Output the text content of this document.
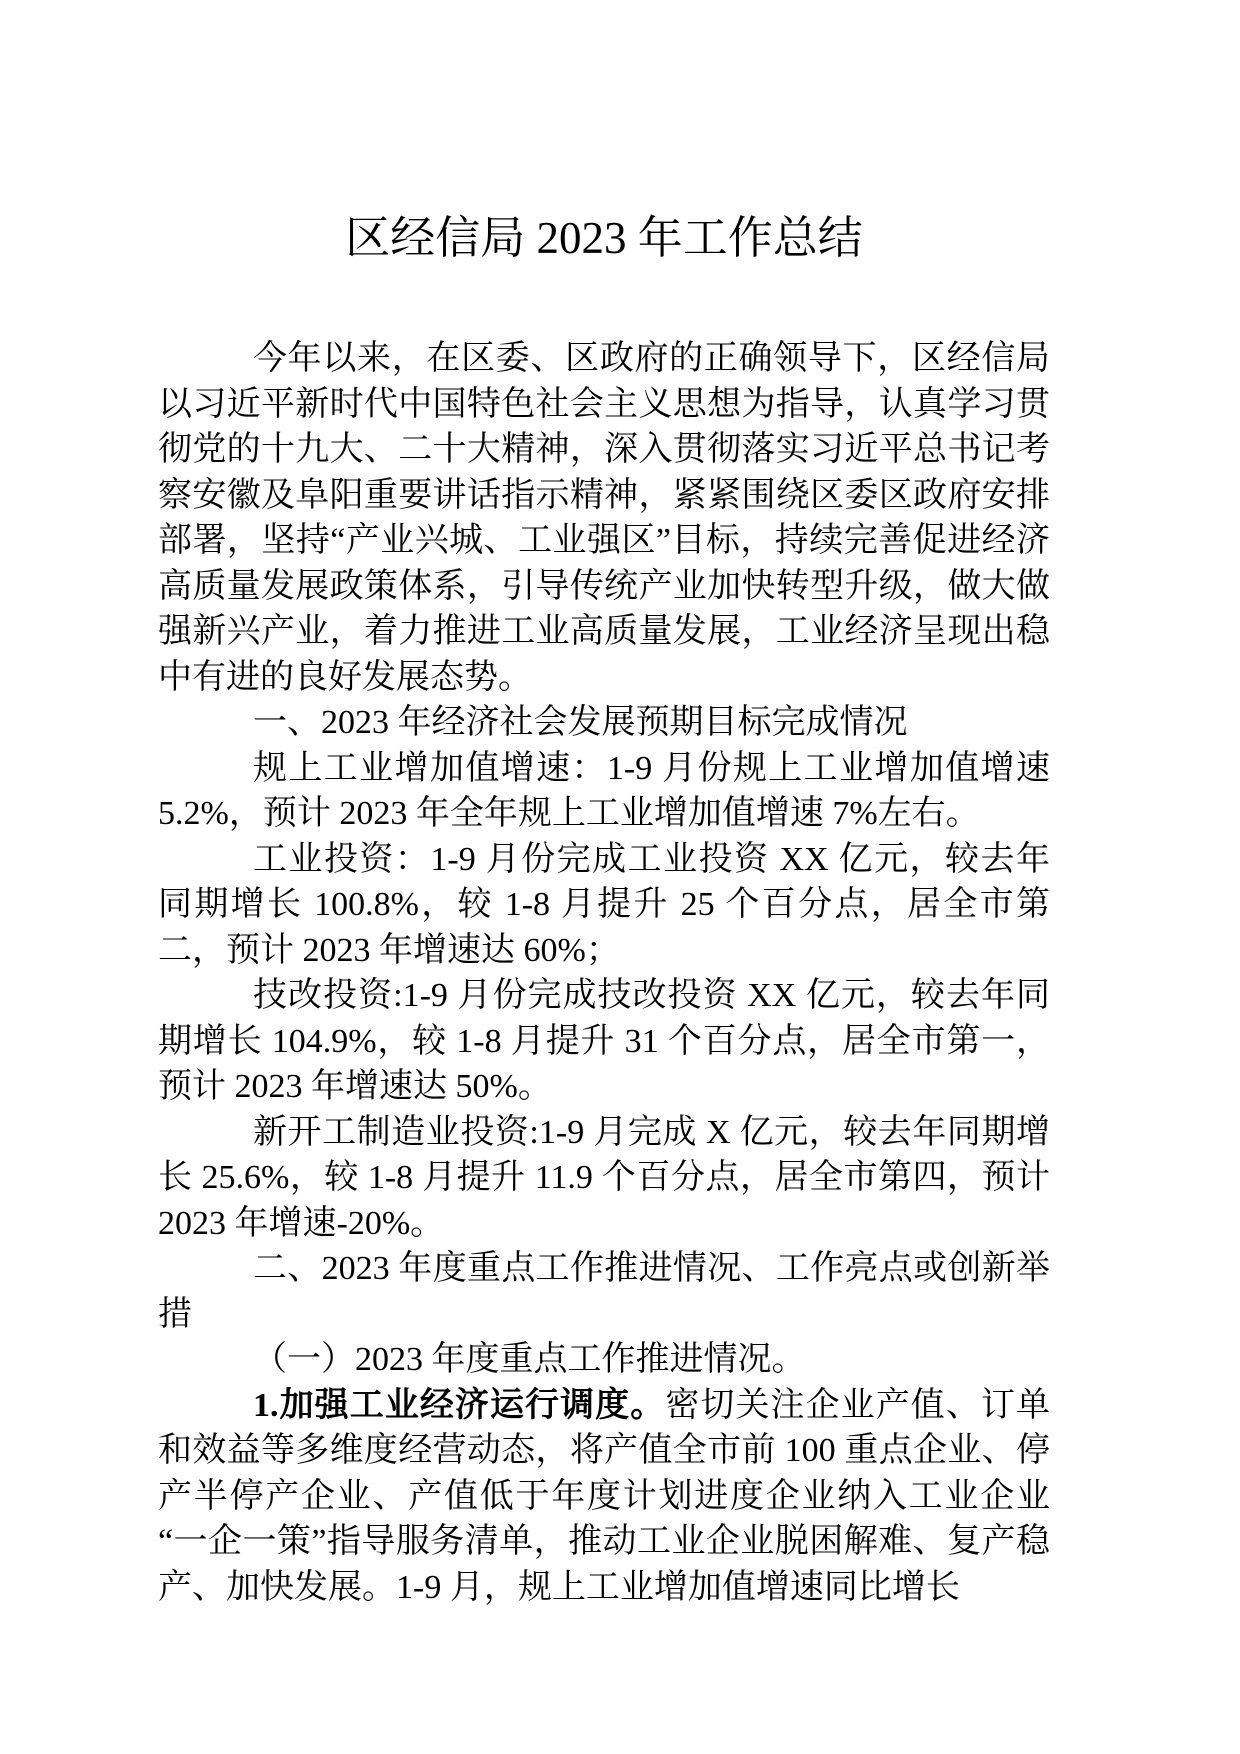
区经信局 2023 年工作总结

今年以来，在区委、区政府的正确领导下，区经信局以习近平新时代中国特色社会主义思想为指导，认真学习贯彻党的十九大、二十大精神，深入贯彻落实习近平总书记考察安徽及阜阳重要讲话指示精神，紧紧围绕区委区政府安排部署，坚持“产业兴城、工业强区”目标，持续完善促进经济高质量发展政策体系，引导传统产业加快转型升级，做大做强新兴产业，着力推进工业高质量发展，工业经济呈现出稳中有进的良好发展态势。

一、2023 年经济社会发展预期目标完成情况

规上工业增加值增速：1-9 月份规上工业增加值增速 5.2%，预计 2023 年全年规上工业增加值增速 7%左右。

工业投资：1-9 月份完成工业投资 XX 亿元，较去年同期增长 100.8%，较 1-8 月提升 25 个百分点，居全市第二，预计 2023 年增速达 60%；

技改投资:1-9 月份完成技改投资 XX 亿元，较去年同期增长 104.9%，较 1-8 月提升 31 个百分点，居全市第一，预计 2023 年增速达 50%。

新开工制造业投资:1-9 月完成 X 亿元，较去年同期增长 25.6%，较 1-8 月提升 11.9 个百分点，居全市第四，预计 2023 年增速-20%。

二、2023 年度重点工作推进情况、工作亮点或创新举措

（一）2023 年度重点工作推进情况。

1.加强工业经济运行调度。密切关注企业产值、订单和效益等多维度经营动态，将产值全市前 100 重点企业、停产半停产企业、产值低于年度计划进度企业纳入工业企业“一企一策”指导服务清单，推动工业企业脱困解难、复产稳产、加快发展。1-9 月，规上工业增加值增速同比增长
